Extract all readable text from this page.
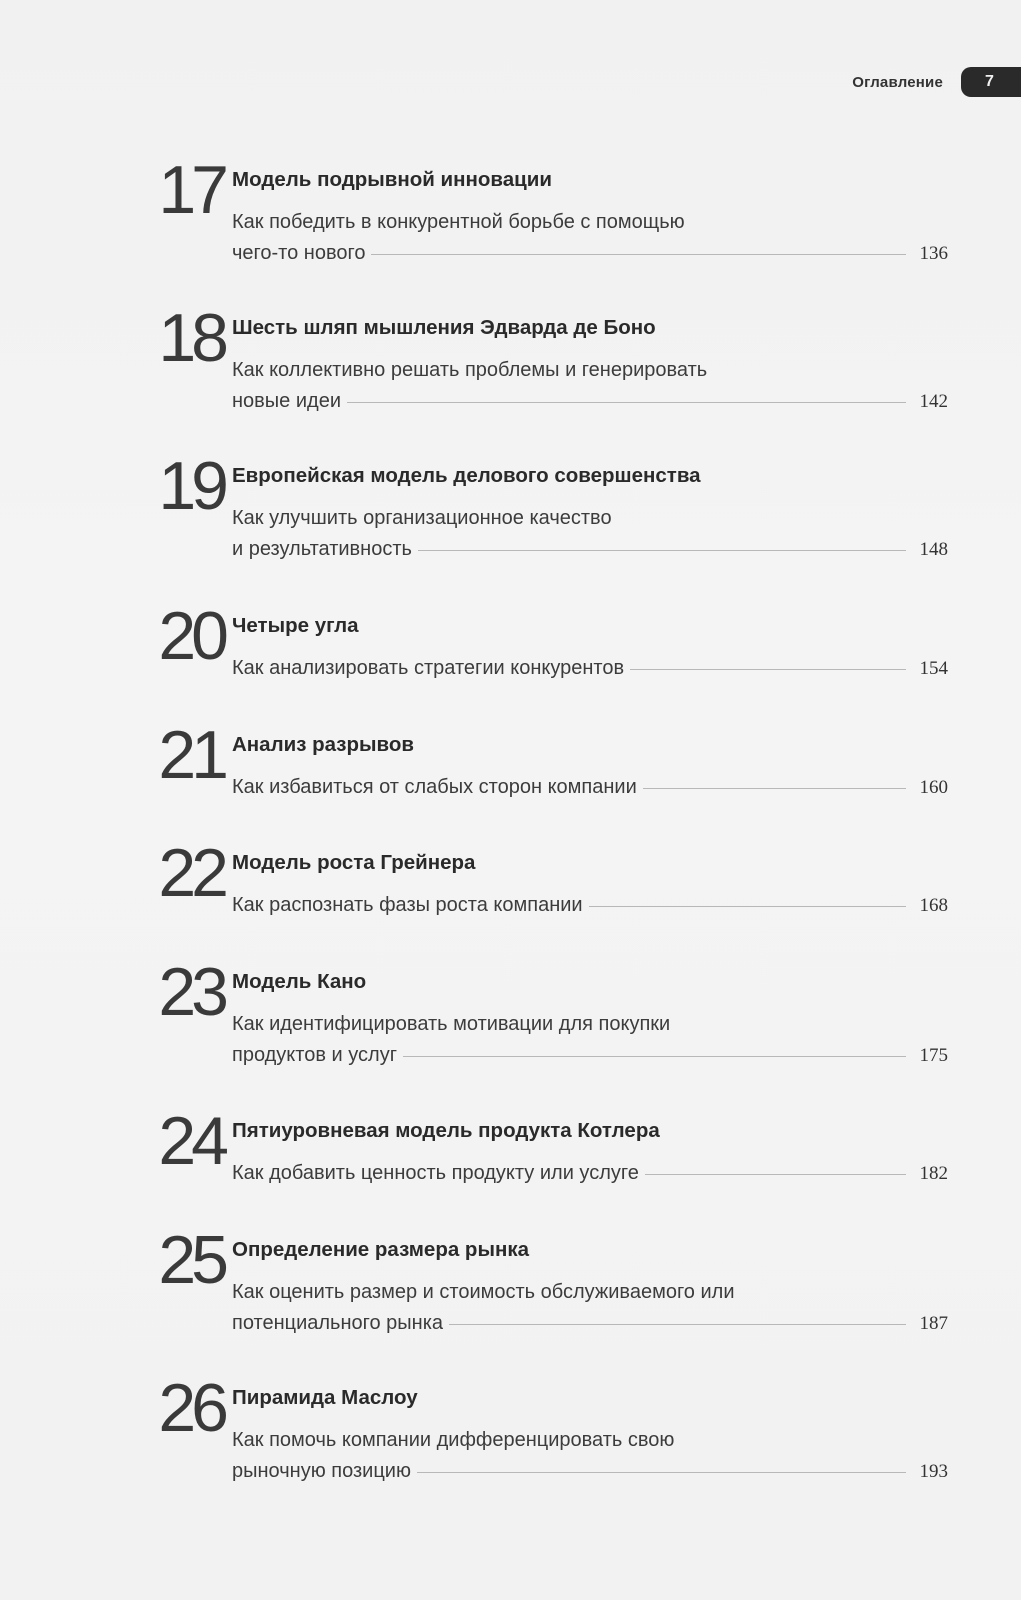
Оглавление	7
17 Модель подрывной инновации
Как победить в конкурентной борьбе с помощью
чего-то нового	136
18 Шесть шляп мышления Эдварда де Боно
Как коллективно решать проблемы и генерировать
новые идеи	142
19 Европейская модель делового совершенства
Как улучшить организационное качество
и результативность	148
20 Четыре угла
Как анализировать стратегии конкурентов	154
21 Анализ разрывов
Как избавиться от слабых сторон компании	160
22 Модель роста Грейнера
Как распознать фазы роста компании	168
23 Модель Кано
Как идентифицировать мотивации для покупки
продуктов и услуг	175
24 Пятиуровневая модель продукта Котлера
Как добавить ценность продукту или услуге	182
25 Определение размера рынка
Как оценить размер и стоимость обслуживаемого или
потенциального рынка	187
26 Пирамида Маслоу
Как помочь компании дифференцировать свою
рыночную позицию	193
